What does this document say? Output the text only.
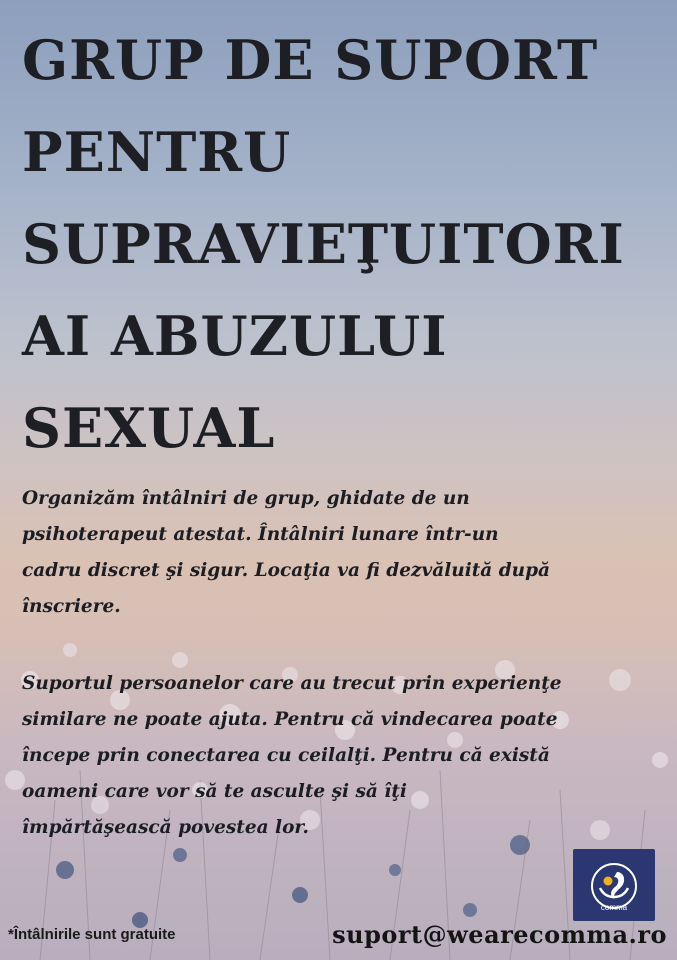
GRUP DE SUPORT
PENTRU
SUPRAVIEŢUITORI
AI ABUZULUI
SEXUAL

Organizăm întâlniri de grup, ghidate de un
psihoterapeut atestat. Întâlniri lunare într-un
cadru discret şi sigur. Locaţia va fi dezvăluită după
înscriere.

Suportul persoanelor care au trecut prin experienţe
similare ne poate ajuta. Pentru că vindecarea poate
începe prin conectarea cu ceilalţi. Pentru că există
oameni care vor să te asculte şi să îţi
împărtăşească povestea lor.

comma
*Întâlnirile sunt gratuite	suport@wearecomma.ro
